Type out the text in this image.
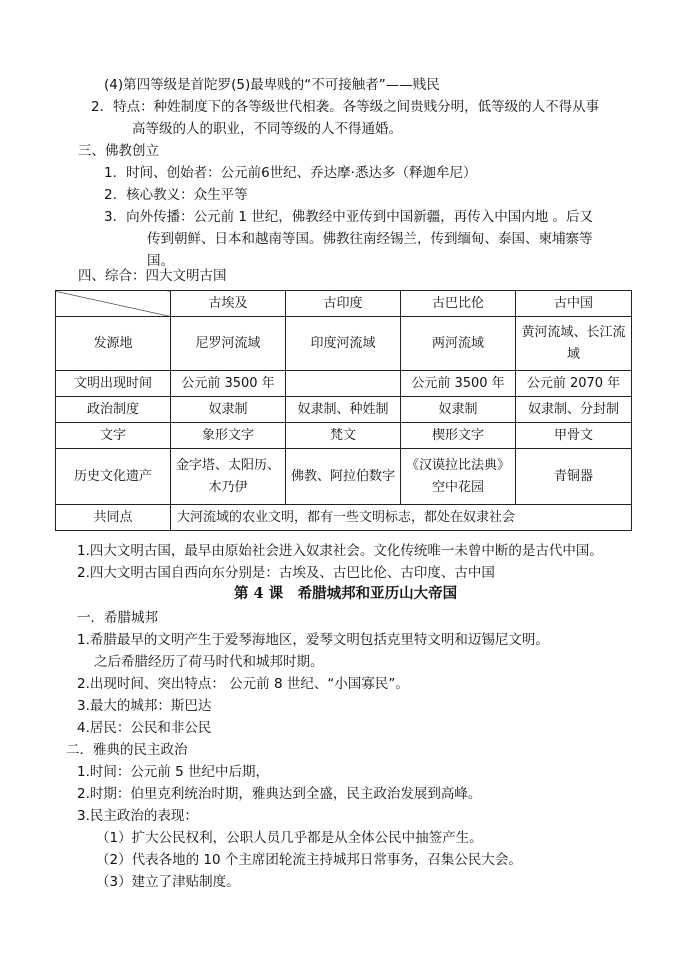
(4)第四等级是首陀罗(5)最卑贱的“不可接触者”——贱民
2．特点：种姓制度下的各等级世代相袭。各等级之间贵贱分明，低等级的人不得从事
高等级的人的职业，不同等级的人不得通婚。
三、佛教创立
1．时间、创始者：公元前6世纪、乔达摩·悉达多（释迦牟尼）
2．核心教义：众生平等
3．向外传播：公元前 1 世纪，佛教经中亚传到中国新疆，再传入中国内地 。后又
传到朝鲜、日本和越南等国。佛教往南经锡兰，传到缅甸、泰国、柬埔寨等
国。
四、综合：四大文明古国
	古埃及	古印度	古巴比伦	古中国
发源地	尼罗河流域	印度河流域	两河流域	黄河流域、长江流域
文明出现时间	公元前 3500 年		公元前 3500 年	公元前 2070 年
政治制度	奴隶制	奴隶制、种姓制	奴隶制	奴隶制、分封制
文字	象形文字	梵文	楔形文字	甲骨文
历史文化遗产	金字塔、太阳历、木乃伊	佛教、阿拉伯数字	《汉谟拉比法典》 空中花园	青铜器
共同点	大河流域的农业文明，都有一些文明标志，都处在奴隶社会			
1.四大文明古国，最早由原始社会进入奴隶社会。文化传统唯一未曾中断的是古代中国。
2.四大文明古国自西向东分别是：古埃及、古巴比伦、古印度、古中国
第 4 课　希腊城邦和亚历山大帝国
一．希腊城邦
1.希腊最早的文明产生于爱琴海地区，爱琴文明包括克里特文明和迈锡尼文明。
之后希腊经历了荷马时代和城邦时期。
2.出现时间、突出特点： 公元前 8 世纪、“小国寡民”。
3.最大的城邦：斯巴达
4.居民：公民和非公民
二．雅典的民主政治
1.时间：公元前 5 世纪中后期，
2.时期：伯里克利统治时期，雅典达到全盛，民主政治发展到高峰。
3.民主政治的表现：
（1）扩大公民权利，公职人员几乎都是从全体公民中抽签产生。
（2）代表各地的 10 个主席团轮流主持城邦日常事务，召集公民大会。
（3）建立了津贴制度。
